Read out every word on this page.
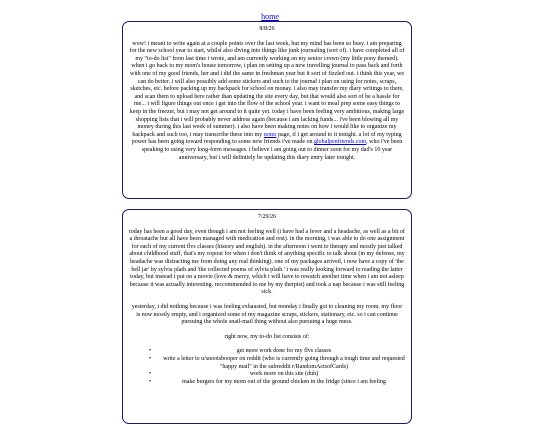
home
8/8/26
wow! i meant to write again at a couple points over the last week, but my mind has been so busy. i am preparing for the new school year to start, whilst also diving into things like junk journaling (sort of). i have completed all of my "to-do list" from last time i wrote, and am currently working on my senior crown (my little pony themed). when i go back to my mom's house tomorrow, i plan on setting up a new travelling journal to pass back and forth with one of my good friends, her and i did the same in freshman year but it sort of fizzled out. i think this year, we can do better. i will also possibly add some stickers and such to the journal i plan on using for notes, scraps, sketches, etc. before packing up my backpack for school on monay. i also may transfer my diary writings to there, and scan them to upload here rather than updating the site every day, but that would also sort of be a hassle for me... i will figure things out once i get into the flow of the school year. i want to meal prep some easy things to keep in the freezer, but i may not get around to it quite yet. today i have been feeling very ambitious, making large shopping lists that i will probably never address again (because i am lacking funds... i've been blowing all my money during this last week of summer). i also have been making notes on how i would like to organize my backpack and such too, i may transcribe these into my notes page, if i get around to it tonight. a lot of my typing power has been going toward responding to some new friends i've made on globalpenfriends.com, who i've been speaking to using very long-form messages. i believe i am going out to dinner soon for my dad's 10 year anniversary, but i will definitely be updating this diary entry later tonight.
7/29/26
today has been a good day, even though i am not feeling well (i have had a fever and a headache, as well as a bit of a throatache but all have been managed with medication and rest). in the morning, i was able to do one assignment for each of my current flvs classes (history and english). in the afternoon i went to therapy and mostly just talked about childhood stuff, that's my copout for when i don't think of anything specific to talk about (in my defense, my headache was distracting me from doing any real thinking). one of my packages arrived, i now have a copy of 'the bell jar' by sylvia plath and 'the collected poems of sylvia plath.' i was really looking forward to reading the latter today, but instead i put on a movie (love & mercy, which i will have to rewatch another time when i am not asleep because it was actually interesting. reccommended to me by my therpist) and took a nap because i was still feeling sick.
yesterday, i did nothing because i was feeling exhausted, but monday i finally got to cleaning my room. my floor is now mostly empty, and i organized some of my magazine scraps, stickers, stationary, etc. so i can continue pursuing the whole snail-mail thing without also pursuing a huge mess.
right now, my to-do list consists of:
• get more work done for my flvs classes
• write a letter to u/snootsbooper on reddit (who is currently going through a tough time and requested "happy mail" in the subreddit r/RandomActsofCards)
• work more on this site (duh)
• make burgers for my mom out of the ground chicken in the fridge (since i am feeling
